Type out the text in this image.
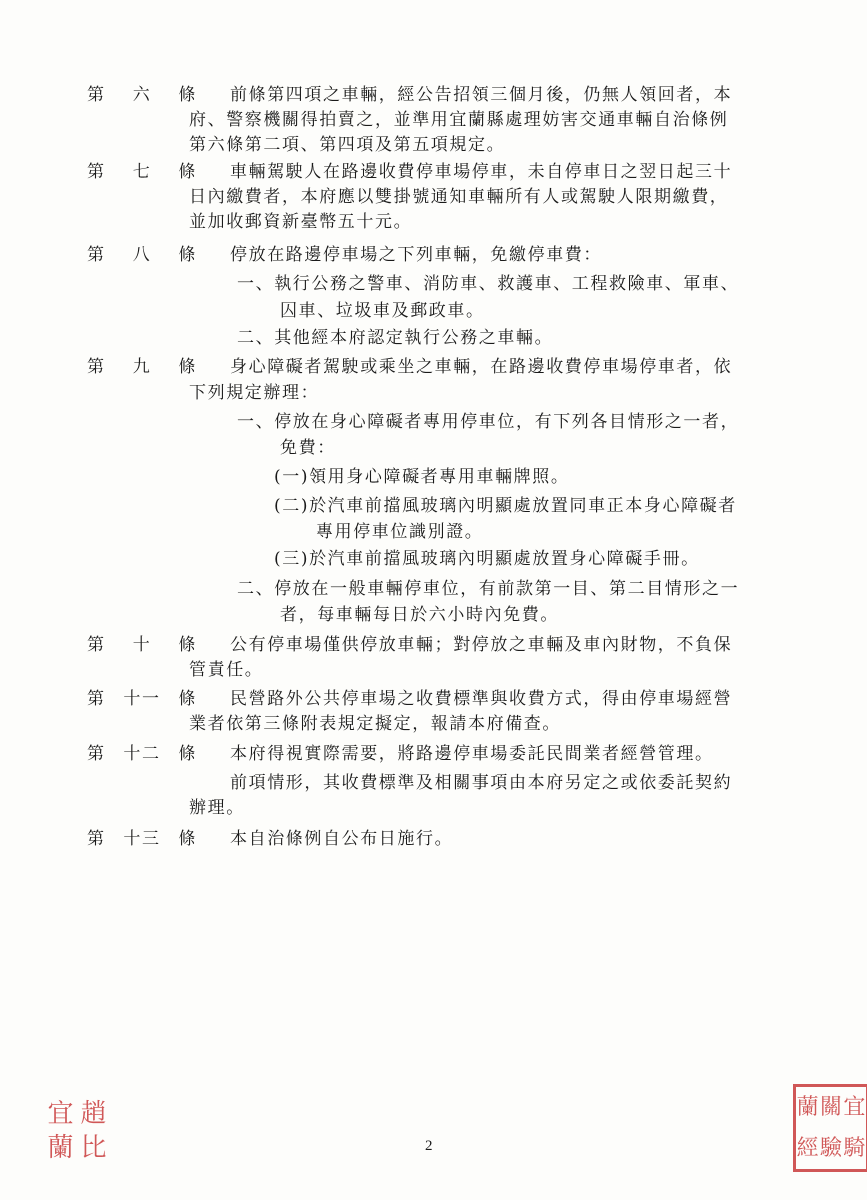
第 六 條 前條第四項之車輛，經公告招領三個月後，仍無人領回者，本
府、警察機關得拍賣之，並準用宜蘭縣處理妨害交通車輛自治條例
第六條第二項、第四項及第五項規定。
第 七 條 車輛駕駛人在路邊收費停車場停車，未自停車日之翌日起三十
日內繳費者，本府應以雙掛號通知車輛所有人或駕駛人限期繳費，
並加收郵資新臺幣五十元。
第 八 條 停放在路邊停車場之下列車輛，免繳停車費：
一、執行公務之警車、消防車、救護車、工程救險車、軍車、
囚車、垃圾車及郵政車。
二、其他經本府認定執行公務之車輛。
第 九 條 身心障礙者駕駛或乘坐之車輛，在路邊收費停車場停車者，依
下列規定辦理：
一、停放在身心障礙者專用停車位，有下列各目情形之一者，
免費：
(一)領用身心障礙者專用車輛牌照。
(二)於汽車前擋風玻璃內明顯處放置同車正本身心障礙者
專用停車位識別證。
(三)於汽車前擋風玻璃內明顯處放置身心障礙手冊。
二、停放在一般車輛停車位，有前款第一目、第二目情形之一
者，每車輛每日於六小時內免費。
第 十 條 公有停車場僅供停放車輛；對停放之車輛及車內財物，不負保
管責任。
第 十一 條 民營路外公共停車場之收費標準與收費方式，得由停車場經營
業者依第三條附表規定擬定，報請本府備查。
第 十二 條 本府得視實際需要，將路邊停車場委託民間業者經營管理。
前項情形，其收費標準及相關事項由本府另定之或依委託契約
辦理。
第 十三 條 本自治條例自公布日施行。
宜 趙
蘭 比
蘭 關 宜
經 驗 騎
2
